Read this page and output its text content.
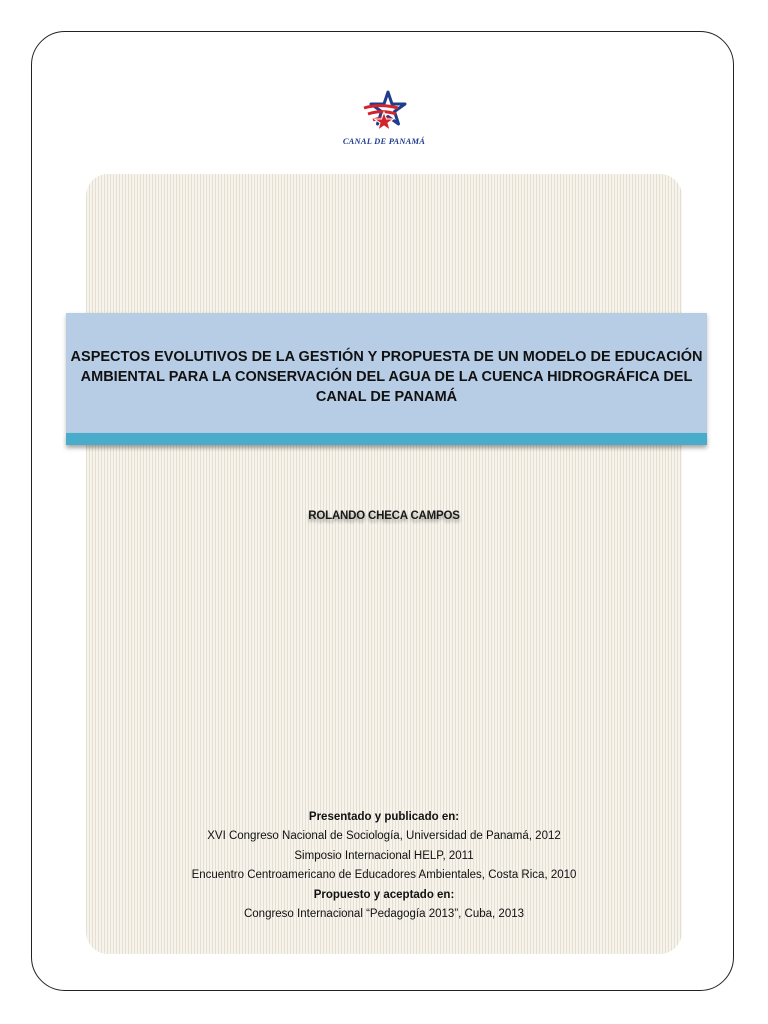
CANAL DE PANAMÁ
ASPECTOS EVOLUTIVOS DE LA GESTIÓN Y PROPUESTA DE UN MODELO DE EDUCACIÓN
AMBIENTAL PARA LA CONSERVACIÓN DEL AGUA DE LA CUENCA HIDROGRÁFICA DEL
CANAL DE PANAMÁ
ROLANDO CHECA CAMPOS
Presentado y publicado en:
XVI Congreso Nacional de Sociología, Universidad de Panamá, 2012
Simposio Internacional HELP, 2011
Encuentro Centroamericano de Educadores Ambientales, Costa Rica, 2010
Propuesto y aceptado en:
Congreso Internacional “Pedagogía 2013”, Cuba, 2013
